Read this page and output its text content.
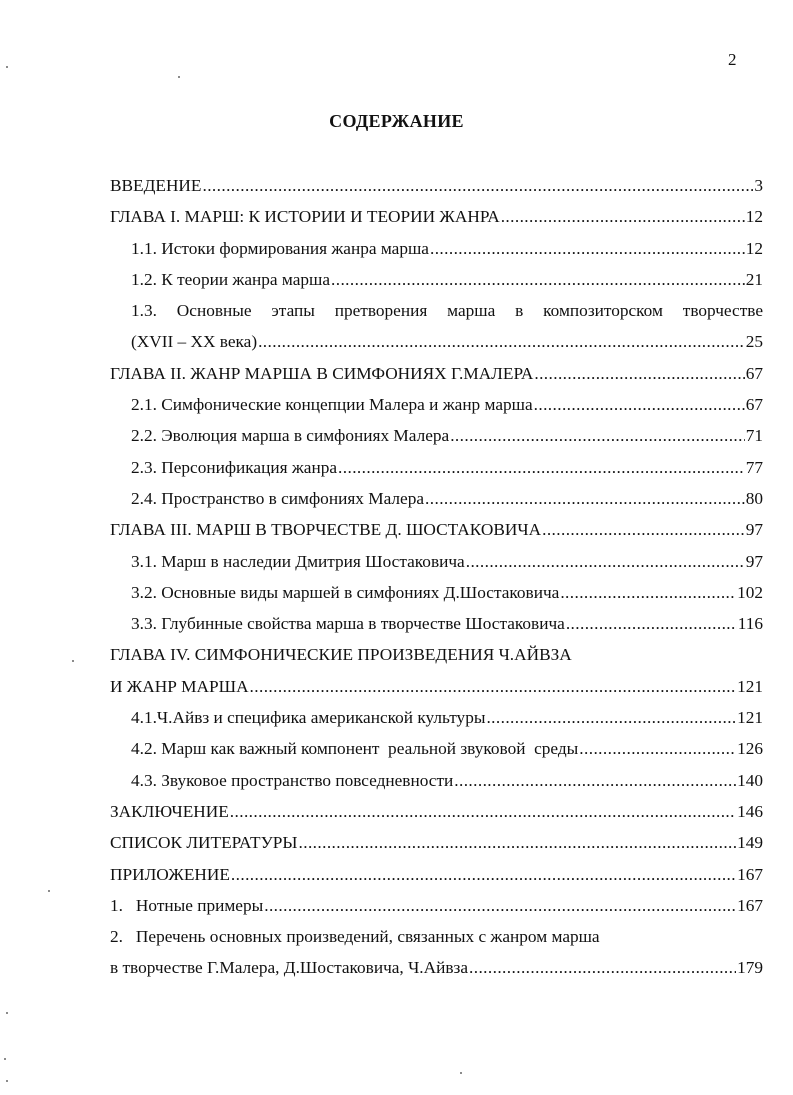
2
СОДЕРЖАНИЕ
ВВЕДЕНИЕ .....	3
ГЛАВА I. МАРШ: К ИСТОРИИ И ТЕОРИИ ЖАНРА .....	12
1.1. Истоки формирования жанра марша .....	12
1.2. К теории жанра марша .....	21
1.3. Основные этапы претворения марша в композиторском творчестве
(XVII – XX века) .....	25
ГЛАВА II. ЖАНР МАРША В СИМФОНИЯХ Г.МАЛЕРА .....	67
2.1. Симфонические концепции Малера и жанр марша .....	67
2.2. Эволюция марша в симфониях Малера .....	71
2.3. Персонификация жанра .....	77
2.4. Пространство в симфониях Малера .....	80
ГЛАВА III. МАРШ В ТВОРЧЕСТВЕ Д. ШОСТАКОВИЧА .....	97
3.1. Марш в наследии Дмитрия Шостаковича .....	97
3.2. Основные виды маршей в симфониях Д.Шостаковича .....	102
3.3. Глубинные свойства марша в творчестве Шостаковича .....	116
ГЛАВА IV. СИМФОНИЧЕСКИЕ ПРОИЗВЕДЕНИЯ Ч.АЙВЗА
И ЖАНР МАРША .....	121
4.1.Ч.Айвз и специфика американской культуры .....	121
4.2. Марш как важный компонент  реальной звуковой  среды .....	126
4.3. Звуковое пространство повседневности .....	140
ЗАКЛЮЧЕНИЕ .....	146
СПИСОК ЛИТЕРАТУРЫ .....	149
ПРИЛОЖЕНИЕ .....	167
1.   Нотные примеры .....	167
2.   Перечень основных произведений, связанных с жанром марша
в творчестве Г.Малера, Д.Шостаковича, Ч.Айвза .....	179
